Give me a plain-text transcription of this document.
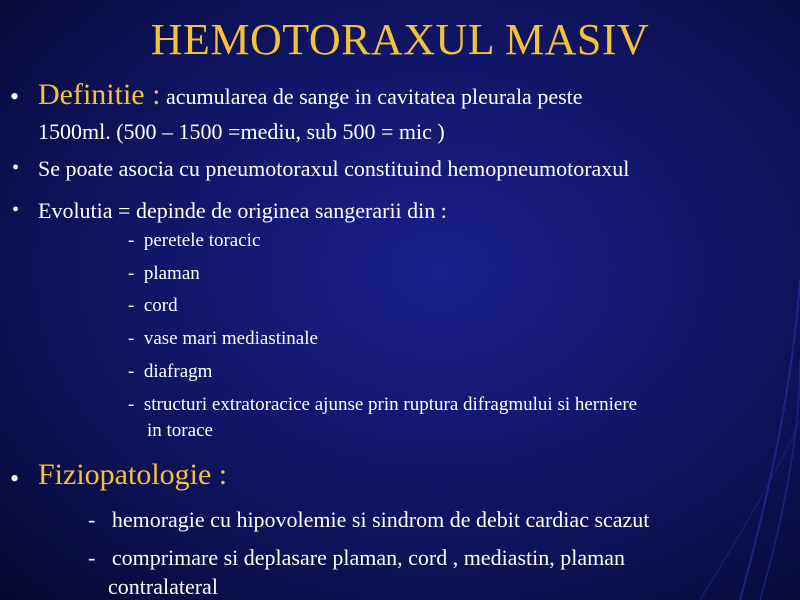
HEMOTORAXUL MASIV
• Definitie : acumularea de sange in cavitatea pleurala peste
1500ml. (500 – 1500 =mediu, sub 500 = mic )
• Se poate asocia cu pneumotoraxul constituind hemopneumotoraxul
• Evolutia = depinde de originea sangerarii din :
-  peretele toracic
-  plaman
-  cord
-  vase mari mediastinale
-  diafragm
-  structuri extratoracice ajunse prin ruptura difragmului si herniere
in torace
• Fiziopatologie :
-   hemoragie cu hipovolemie si sindrom de debit cardiac scazut
-   comprimare si deplasare plaman, cord , mediastin, plaman
contralateral
